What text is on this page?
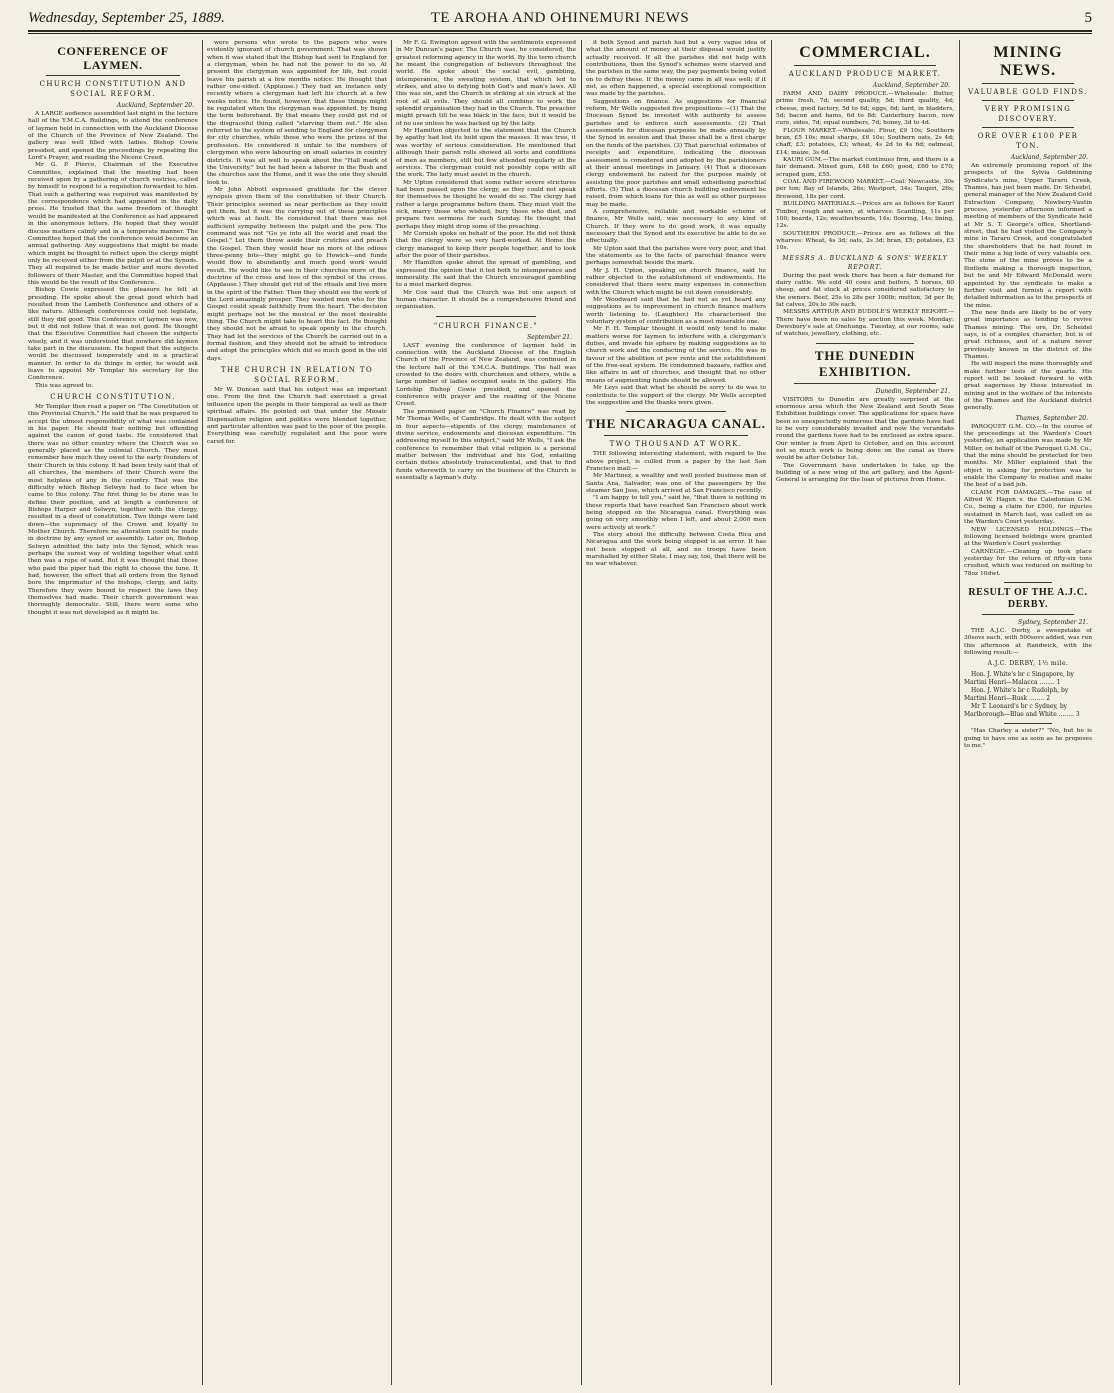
Wednesday, September 25, 1889.	TE AROHA AND OHINEMURI NEWS	5
CONFERENCE OF LAYMEN.
CHURCH CONSTITUTION AND SOCIAL REFORM.
Auckland, September 20.

A LARGE audience assembled last night in the lecture hall of the Y.M.C.A. Buildings, to attend the conference of laymen held in connection with the Auckland Diocese of the Church of the Province of New Zealand. The gallery was well filled with ladies. Bishop Cowie presided, and opened the proceedings by repeating the Lord's Prayer, and reading the Nicene Creed.

Mr G. P. Pierce, Chairman of the Executive Committee, explained that the meeting had been received upon by a gathering of church vestries, called by himself to respond to a requisition forwarded to him. That such a gathering was required was manifested by the correspondence which had appeared in the daily press. He trusted that the same freedom of thought would be manifested at the Conference as had appeared in the anonymous letters. He hoped that they would discuss matters calmly and in a temperate manner. The Committee hoped that the conference would become an annual gathering. Any suggestions that might be made which might be thought to reflect upon the clergy might only be received either from the pulpit or at the Synods. They all required to be made better and more devoted followers of their Master, and the Committee hoped that this would be the result of the Conference.

Bishop Cowie expressed the pleasure he felt at presiding. He spoke about the great good which had resulted from the Lambeth Conference and others of a like nature. Although conferences could not legislate, still they did good. This Conference of laymen was new, but it did not follow that it was not good. He thought that the Executive Committee had chosen the subjects wisely, and it was understood that nowhere did laymen take part in the discussion. He hoped that the subjects would be discussed temperately and in a practical manner. In order to do things in order, he would ask leave to appoint Mr Templar his secretary for the Conference.

This was agreed to.

CHURCH CONSTITUTION.

Mr Templar then read a paper on "The Constitution of this Provincial Church." He said that he was prepared to accept the utmost responsibility of what was contained in his paper. He should fear nothing but offending against the canon of good taste. He considered that there was no other country where the Church was so generally placed as the colonial Church. They must remember how much they owed to the early founders of their Church in this colony. It had been truly said that of all churches, the members of their Church were the most helpless of any in the country. That was the difficulty which Bishop Selwyn had to face when he came to this colony. The first thing to be done was to define their position, and at length a conference of Bishops Harper and Selwyn, together with the clergy, resulted in a deed of constitution. Two things were laid down—the supremacy of the Crown and loyalty to Mother Church. Therefore no alteration could be made in doctrine by any synod or assembly. Later on, Bishop Selwyn admitted the laity into the Synod, which was perhaps the surest way of welding together what until then was a rope of sand. But it was thought that those who paid the piper had the right to choose the tune. It had, however, the effect that all orders from the Synod bore the imprimatur of the bishops, clergy, and laity. Therefore they were bound to respect the laws they themselves had made. Their church government was thoroughly democratic. Still, there were some who thought it was not developed as it might be.

were persons who wrote to the papers who were evidently ignorant of church government. That was shown when it was stated that the Bishop had sent to England for a clergyman, when he had not the power to do so. At present the clergyman was appointed for life, but could leave his parish at a few months notice. He thought that rather one-sided. (Applause.) They had an instance only recently where a clergyman had left his church at a few weeks notice. He found, however, that these things might be regulated when the clergyman was appointed, by fixing the term beforehand. By that means they could get rid of the disgraceful thing called "starving them out." He also referred to the system of sending to England for clergymen for city churches, while those who were the prizes of the profession. He considered it unfair to the numbers of clergymen who were labouring on small salaries in country districts. It was all well to speak about the "Hall mark of the University," but he had been a laborer in the Bush and the churches saw the Home, and it was the one they should look to.

Mr John Abbott expressed gratitude for the clever synopsis given them of the constitution of their Church. Their principles seemed as near perfection as they could get them, but it was the carrying out of these principles which was at fault. He considered that there was not sufficient sympathy between the pulpit and the pew. The command was not "Go ye into all the world and read the Gospel." Let them throw aside their crutches and preach the Gospel. Then they would hear no more of the odious three-penny bits—they might go to Howick—and funds would flow in abundantly and much good work would result. He would like to see in their churches more of the doctrine of the cross and less of the symbol of the cross. (Applause.) They should get rid of the rituals and live more in the spirit of the Father. Then they should see the work of the Lord amazingly prosper. They wanted men who for the Gospel could speak faithfully from the heart. The decision might perhaps not be the musical or the most desirable thing. The Church might take to heart this fact. He thought they should not be afraid to speak openly in the church. They had let the services of the Church be carried out in a formal fashion, and they should not be afraid to introduce and adopt the principles which did so much good in the old days.

THE CHURCH IN RELATION TO SOCIAL REFORM.

Mr W. Duncan said that his subject was an important one. From the first the Church had exercised a great influence upon the people in their temporal as well as their spiritual affairs. He pointed out that under the Mosaic Dispensation religion and politics were blended together, and particular attention was paid to the poor of the people. Everything was carefully regulated and the poor were cared for.

Mr F. G. Ewington agreed with the sentiments expressed in Mr Duncan's paper. The Church was, he considered, the greatest reforming agency in the world. By the term church he meant the congregation of believers throughout the world. He spoke about the social evil, gambling, intemperance, the sweating system, that which led to strikes, and also to defying both God's and man's laws. All this was sin, and the Church in striking at sin struck at the root of all evils. They should all combine to work the splendid organisation they had in the Church. The preacher might preach till he was black in the face, but it would be of no use unless he was backed up by the laity.

Mr Hamilton objected to the statement that the Church by apathy had lost its hold upon the masses. It was true, it was worthy of serious consideration. He mentioned that although their parish rolls showed all sorts and conditions of men as members, still but few attended regularly at the services. The clergyman could not possibly cope with all the work. The laity must assist in the church.

Mr Upton considered that some rather severe strictures had been passed upon the clergy, as they could not speak for themselves he thought he would do so. The clergy had rather a large programme before them. They must visit the sick, marry those who wished, bury those who died, and prepare two sermons for each Sunday. He thought that perhaps they might drop some of the preaching.

Mr Cornish spoke on behalf of the poor. He did not think that the clergy were so very hard-worked. At Home the clergy managed to keep their people together, and to look after the poor of their parishes.

Mr Hamilton spoke about the spread of gambling, and expressed the opinion that it led both to intemperance and immorality. He said that the Church encouraged gambling to a most marked degree.

Mr Cox said that the Church was but one aspect of human character. It should be a comprehensive friend and organisation.

"CHURCH FINANCE."
September 21.

LAST evening the conference of laymen held in connection with the Auckland Diocese of the English Church of the Province of New Zealand, was continued in the lecture hall of the Y.M.C.A. Buildings. The hall was crowded to the doors with churchmen and others, while a large number of ladies occupied seats in the gallery. His Lordship Bishop Cowie presided, and opened the conference with prayer and the reading of the Nicene Creed.

The promised paper on "Church Finance" was read by Mr Thomas Wells, of Cambridge. He dealt with the subject in four aspects—stipends of the clergy, maintenance of divine service, endowments and diocesan expenditure. "In addressing myself to this subject," said Mr Wells, "I ask the conference to remember that vital religion is a personal matter between the individual and his God, entailing certain duties absolutely transcendental, and that to find funds wherewith to carry on the business of the Church is essentially a layman's duty.

it both Synod and parish had but a very vague idea of what the amount of money at their disposal would justify actually received. If all the parishes did not help with contributions, then the Synod's schemes were starved and the parishes in the same way, the pay payments being voted on to defray these. If the money came in all was well; if it not, as often happened, a special exceptional composition was made by the parishes.

Suggestions on finance. As suggestions for financial reform, Mr Wells suggested five propositions:—(1) That the Diocesan Synod be invested with authority to assess parishes and to enforce such assessments. (2) That assessments for diocesan purposes be made annually by the Synod in session and that these shall be a first charge on the funds of the parishes. (3) That parochial estimates of receipts and expenditure, indicating the diocesan assessment is considered and adopted by the parishioners at their annual meetings in January. (4) That a diocesan clergy endowment be raised for the purpose mainly of assisting the poor parishes and small subsidising parochial efforts. (5) That a diocesan church building endowment be raised, from which loans for this as well as other purposes may be made.

A comprehensive, reliable and workable scheme of finance, Mr Wells said, was necessary to any kind of Church. If they were to do good work, it was equally necessary that the Synod and its executive be able to do so effectually.

Mr Upton said that the parishes were very poor, and that the statements as to the facts of parochial finance were perhaps somewhat beside the mark.

Mr J. H. Upton, speaking on church finance, said he rather objected to the establishment of endowments. He considered that there were many expenses in connection with the Church which might be cut down considerably.

Mr Woodward said that he had not as yet heard any suggestions as to improvement in church finance matters worth listening to. (Laughter.) He characterised the voluntary system of contribution as a most miserable one.

Mr F. H. Templar thought it would only tend to make matters worse for laymen to interfere with a clergyman's duties, and invade his sphere by making suggestions as to church work and the conducting of the service. He was in favour of the abolition of pew rents and the establishment of the free-seat system. He condemned bazaars, raffles and like affairs in aid of churches, and thought that no other means of augmenting funds should be allowed.

Mr Leys said that what he should be sorry to do was to contribute to the support of the clergy. Mr Wells accepted the suggestion and the thanks were given.

THE NICARAGUA CANAL.
TWO THOUSAND AT WORK.

THE following interesting statement, with regard to the above project, is culled from a paper by the last San Francisco mail:—

Mr Martinez, a wealthy and well posted business man of Santa Ana, Salvador, was one of the passengers by the steamer San Jose, which arrived at San Francisco recently.

"I am happy to tell you," said he, "that there is nothing in these reports that have reached San Francisco about work being stopped on the Nicaragua canal. Everything was going on very smoothly when I left, and about 2,000 men were actively at work."

The story about the difficulty between Costa Rica and Nicaragua and the work being stopped is an error. It has not been stopped at all, and no troops have been marshalled by either State. I may say, too, that there will be no war whatever.

COMMERCIAL.
AUCKLAND PRODUCE MARKET.
Auckland, September 20.

FARM AND DAIRY PRODUCE.—Wholesale: Butter, prime fresh, 7d; second quality, 5d; third quality, 4d; cheese, good factory, 5d to 6d; eggs, 6d; lard, in bladders, 5d; bacon and hams, 6d to 8d; Canterbury bacon, new cure, sides, 7d; equal numbers, 7d; honey, 3d to 4d.

FLOUR MARKET.—Wholesale: Flour, £9 10s; Southern bran, £5 10s; meal sharps, £6 10s; Southern oats, 2s 4d; chaff, £3; potatoes, £3; wheat, 4s 2d to 4s 6d; oatmeal, £14; maize, 3s 6d.

KAURI GUM.—The market continues firm, and there is a fair demand. Mixed gum, £48 to £60; good, £60 to £70; scraped gum, £55.

COAL AND FIREWOOD MARKET.—Coal: Newcastle, 30s per ton; Bay of Islands, 26s; Westport, 34s; Taupiri, 26s; firewood, 18s per cord.

BUILDING MATERIALS.—Prices are as follows for Kauri Timber, rough and sawn, at wharves: Scantling, 11s per 100; boards, 12s; weatherboards, 14s; flooring, 14s; lining, 12s.

SOUTHERN PRODUCE.—Prices are as follows at the wharves: Wheat, 4s 3d; oats, 2s 3d; bran, £5; potatoes, £3 10s.

MESSRS A. BUCKLAND & SONS' WEEKLY REPORT.

During the past week there has been a fair demand for dairy cattle. We sold 40 cows and heifers, 5 horses, 60 sheep, and fat stock at prices considered satisfactory to the owners. Beef, 25s to 28s per 100lb; mutton, 3d per lb; fat calves, 20s to 30s each.

MESSRS ARTHUR AND BUDDLE'S WEEKLY REPORT.—There have been no sales by auction this week. Monday: Dewsbury's sale at Onehunga. Tuesday, at our rooms, sale of watches, jewellery, clothing, etc.

THE DUNEDIN EXHIBITION.
Dunedin, September 21.

VISITORS to Dunedin are greatly surprised at the enormous area which the New Zealand and South Seas Exhibition buildings cover. The applications for space have been so unexpectedly numerous that the gardens have had to be very considerably invaded and now the verandahs round the gardens have had to be enclosed as extra space. Our winter is from April to October, and on this account not so much work is being done on the canal as there would be after October 1st.

The Government have undertaken to take up the building of a new wing of the art gallery, and the Agent-General is arranging for the loan of pictures from Home.

MINING NEWS.
VALUABLE GOLD FINDS.
VERY PROMISING DISCOVERY.
ORE OVER £100 PER TON.
Auckland, September 20.

An extremely promising report of the prospects of the Sylvia Goldmining Syndicate's mine, Upper Tararu Creek, Thames, has just been made. Dr. Scheidel, general manager of the New Zealand Gold Extraction Company, Newbery-Vautin process, yesterday afternoon informed a meeting of members of the Syndicate held at Mr S. T. George's office, Shortland-street, that he had visited the Company's mine in Tararu Creek, and congratulated the shareholders that he had found in their mine a big lode of very valuable ore. The stone of the mine proves to be a flintlode making a thorough inspection, but he and Mr Edward McDonald were appointed by the syndicate to make a further visit and furnish a report with detailed information as to the prospects of the mine.

The new finds are likely to be of very great importance as tending to revive Thames mining. The ore, Dr. Scheidel says, is of a complex character, but is of great richness, and of a nature never previously known in the district of the Thames.

He will inspect the mine thoroughly and make further tests of the quartz. His report will be looked forward to with great eagerness by those interested in mining and in the welfare of the interests of the Thames and the Auckland district generally.

Thames, September 20.

PAROQUET G.M. CO.—In the course of the proceedings at the Warden's Court yesterday, an application was made by Mr Miller, on behalf of the Paroquet G.M. Co., that the mine should be protected for two months. Mr Miller explained that the object in asking for protection was to enable the Company to realise and make the best of a bad job.

CLAIM FOR DAMAGES.—The case of Alfred W. Hagen v. the Caledonian G.M. Co., being a claim for £500, for injuries sustained in March last, was called on as the Warden's Court yesterday.

NEW LICENSED HOLDINGS.—The following licensed holdings were granted at the Warden's Court yesterday.

CARNEGIE.—Cleaning up took place yesterday for the return of fifty-six tons crushed, which was reduced on melting to 78oz 10dwt.

RESULT OF THE A.J.C. DERBY.
Sydney, September 21.

THE A.J.C. Derby, a sweepstake of 30sovs each, with 500sovs added, was run this afternoon at Randwick, with the following result:—

A.J.C. DERBY, 1½ mile.

Hon. J. White's br c Singapore, by Martini Henri—Malacca ........ 1

Hon. J. White's br c Rudolph, by Martini Henri—Rusk ........ 2

Mr T. Leonard's br c Sydney, by Marlborough—Blue and White ........ 3

"Has Charley a sister?" "No, but he is going to have one as soon as he proposes to me."
